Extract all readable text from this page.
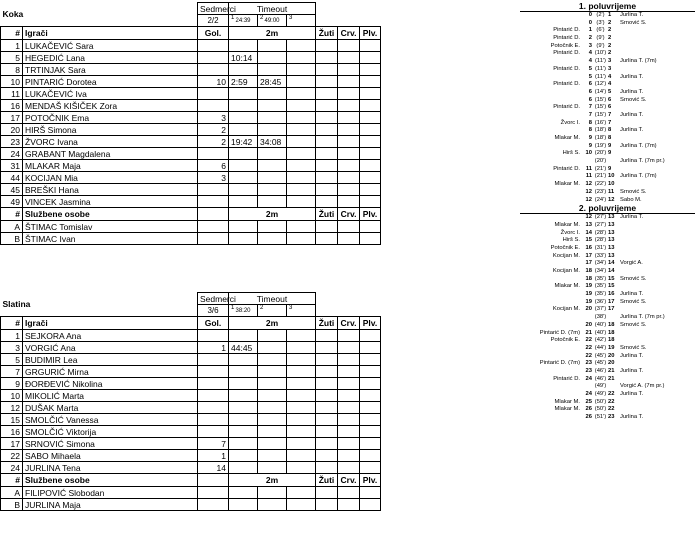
Koka		Sedmerci	Timeout					
		2/2	1 24:39	2 49:00	3			

#	Igrači	Gol.	2m			Žuti	Crv.	Plv.
1	LUKAČEVIĆ Sara							
5	HEGEDIĆ Lana		10:14					
8	TRTINJAK Sara							
10	PINTARIĆ Dorotea	10	2:59	28:45				
11	LUKAČEVIĆ Iva							
16	MENDAŠ KIŠIČEK Zora							
17	POTOČNIK Ema	3						
20	HIRŠ Simona	2						
23	ŽVORC Ivana	2	19:42	34:08				
24	GRABANT Magdalena							
31	MLAKAR Maja	6						
44	KOCIJAN Mia	3						
45	BREŠKI Hana							
49	VINCEK Jasmina							
#	Službene osobe		2m			Žuti	Crv.	Plv.
A	ŠTIMAC Tomislav							
B	ŠTIMAC Ivan							
Slatina		Sedmerci	Timeout					
		3/6	1 38:20	2	3			

#	Igrači	Gol.	2m			Žuti	Crv.	Plv.
1	SEJKORA Ana							
3	VORGIĆ Ana	1	44:45					
5	BUDIMIR Lea							
7	GRGURIĆ Mirna							
9	ĐORĐEVIĆ Nikolina							
10	MIKOLIĆ Marta							
12	DUŠAK Marta							
15	SMOLČIĆ Vanessa							
16	SMOLČIĆ Viktorija							
17	SRNOVIĆ Simona	7						
22	SABO Mihaela	1						
24	JURLINA Tena	14						
#	Službene osobe		2m			Žuti	Crv.	Plv.
A	FILIPOVIĆ Slobodan							
B	JURLINA Maja							
1. poluvrijeme
0 (2') 1	Jurlina T.
0 (3') 2	Srnović S.
Pintarić D.	1 (6') 2
Pintarić D.	2 (9') 2
Potočnik E.	3 (9') 2
Pintarić D.	4 (10') 2
4 (11') 3	Jurlina T. (7m)
Pintarić D.	5 (11') 3
5 (11') 4	Jurlina T.
Pintarić D.	6 (12') 4
6 (14') 5	Jurlina T.
6 (15') 6	Srnović S.
Pintarić D.	7 (15') 6
7 (15') 7	Jurlina T.
Žvorc I.	8 (16') 7
8 (18') 8	Jurlina T.
Mlakar M.	9 (18') 8
9 (19') 9	Jurlina T. (7m)
Hirš S. 10 (20') 9
(20')	Jurlina T. (7m pr.)
Pintarić D.	11 (21') 9
11 (21') 10 Jurlina T. (7m)
Mlakar M. 12 (22') 10
12 (23') 11	Srnović S.
12 (24') 12 Sabo M.
2. poluvrijeme
12 (27') 13 Jurlina T.
Mlakar M. 13 (27') 13
Žvorc I. 14 (28') 13
Hirš S. 15 (28') 13
Potočnik E. 16 (31') 13
Kocijan M. 17 (33') 13
17 (34') 14 Vorgić A.
Kocijan M. 18 (34') 14
18 (35') 15 Srnović S.
Mlakar M. 19 (35') 15
19 (35') 16 Jurlina T.
19 (36') 17 Srnović S.
Kocijan M. 20 (37') 17
(38')	Jurlina T. (7m pr.)
20 (40') 18 Srnović S.
Pintarić D. (7m) 21 (40') 18
Potočnik E. 22 (42') 18
22 (44') 19 Srnović S.
22 (45') 20 Jurlina T.
Pintarić D. (7m) 23 (45') 20
23 (46') 21 Jurlina T.
Pintarić D. 24 (46') 21
(49')	Vorgić A. (7m pr.)
24 (49') 22 Jurlina T.
Mlakar M. 25 (50') 22
Mlakar M. 26 (50') 22
26 (51') 23 Jurlina T.
